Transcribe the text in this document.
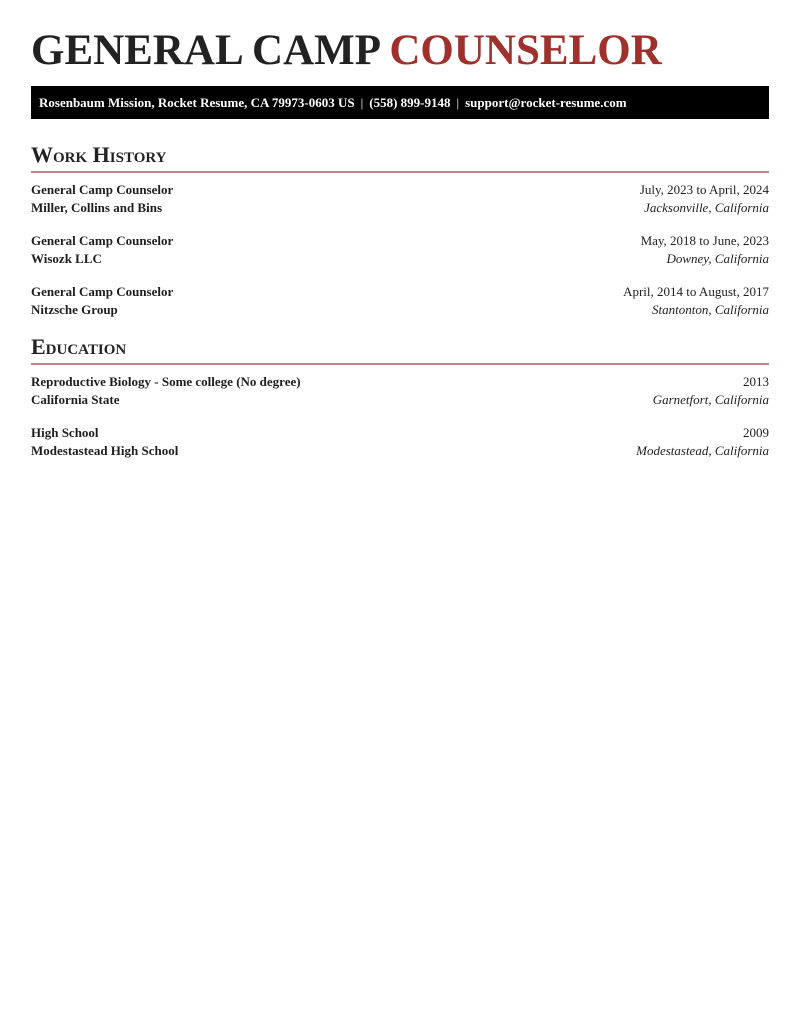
GENERAL CAMP COUNSELOR
Rosenbaum Mission, Rocket Resume, CA 79973-0603 US | (558) 899-9148 | support@rocket-resume.com
Work History
General Camp Counselor
Miller, Collins and Bins
July, 2023 to April, 2024
Jacksonville, California
General Camp Counselor
Wisozk LLC
May, 2018 to June, 2023
Downey, California
General Camp Counselor
Nitzsche Group
April, 2014 to August, 2017
Stantonton, California
Education
Reproductive Biology - Some college (No degree)
California State
2013
Garnetfort, California
High School
Modestastead High School
2009
Modestastead, California
